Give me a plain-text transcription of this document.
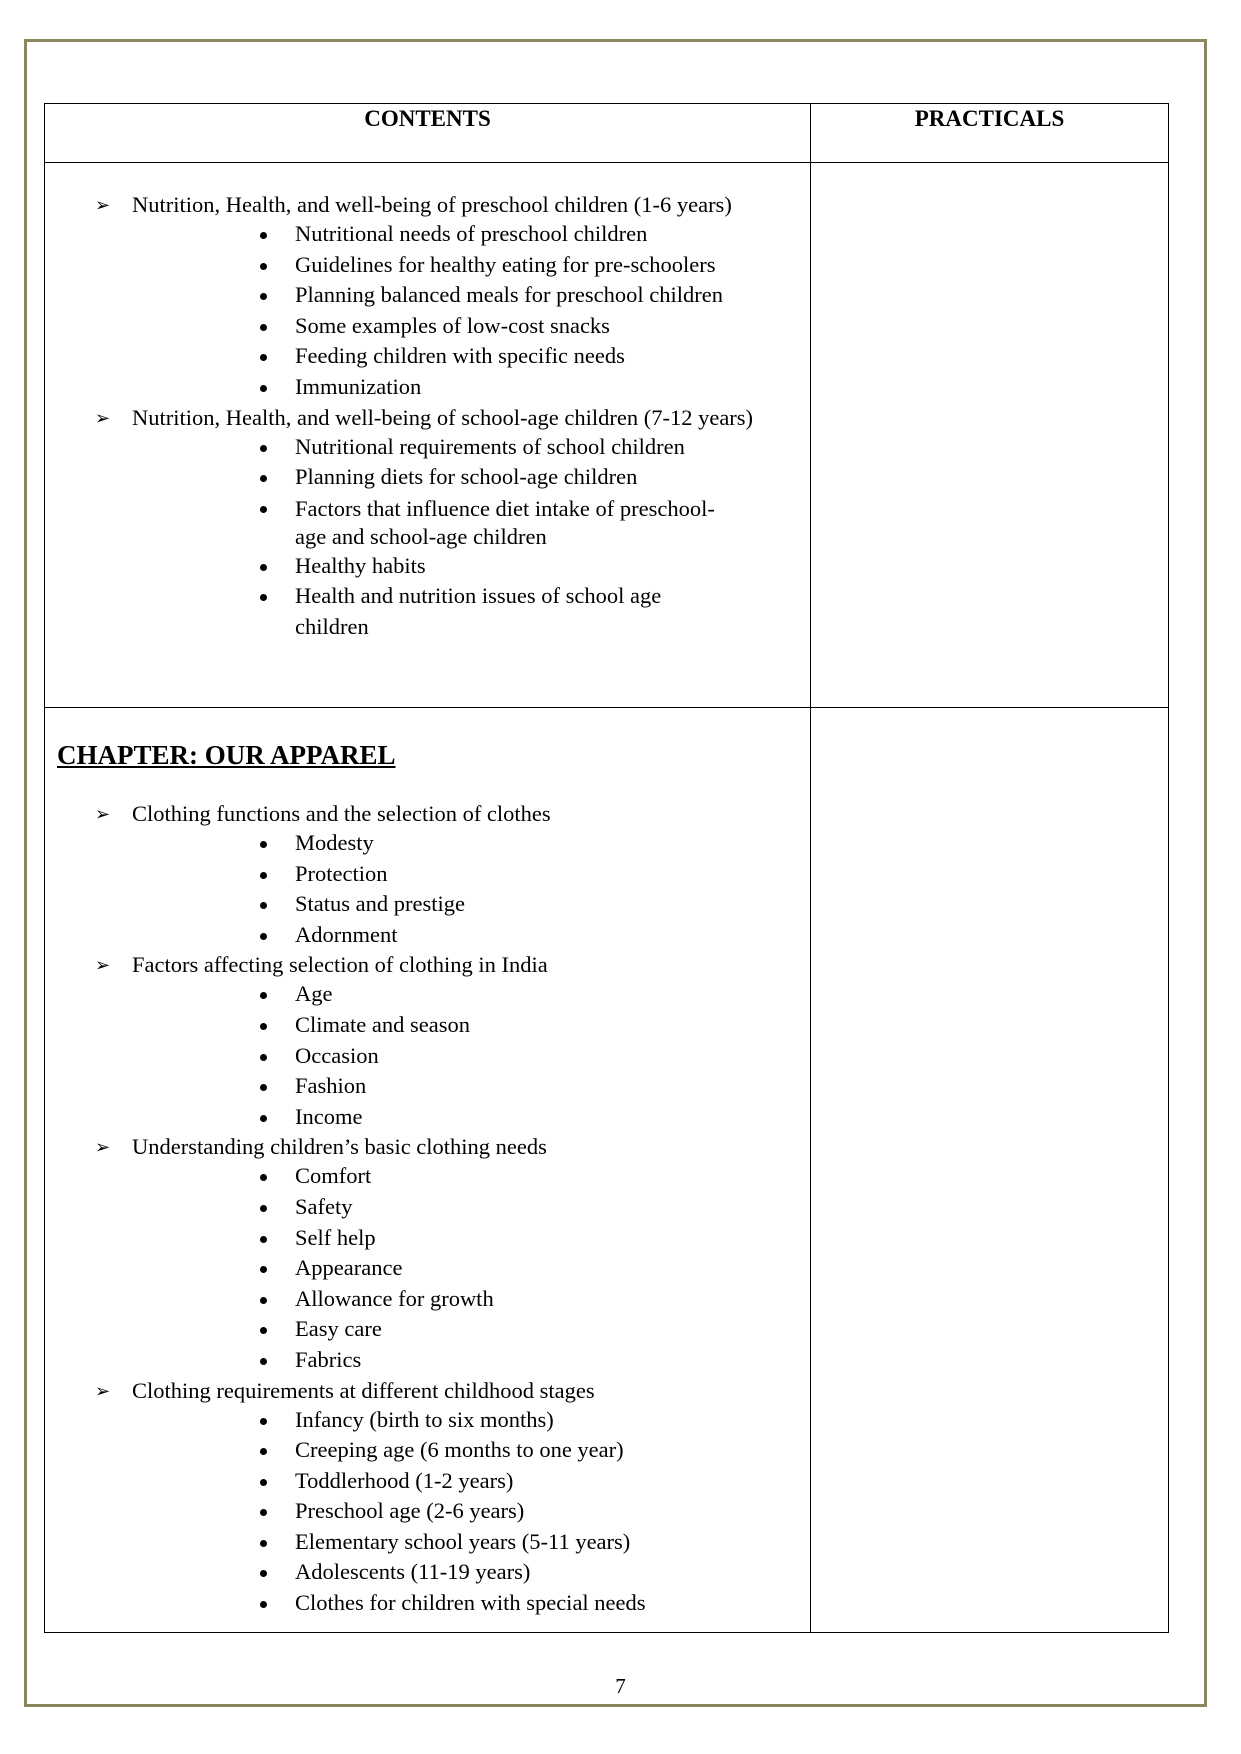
CONTENTS	PRACTICALS
➢ Nutrition, Health, and well-being of preschool children (1-6 years)
Nutritional needs of preschool children
Guidelines for healthy eating for pre-schoolers
Planning balanced meals for preschool children
Some examples of low-cost snacks
Feeding children with specific needs
Immunization
➢ Nutrition, Health, and well-being of school-age children (7-12 years)
Nutritional requirements of school children
Planning diets for school-age children
Factors that influence diet intake of preschool-age and school-age children
Healthy habits
Health and nutrition issues of school age children
CHAPTER: OUR APPAREL
➢ Clothing functions and the selection of clothes
Modesty
Protection
Status and prestige
Adornment
➢ Factors affecting selection of clothing in India
Age
Climate and season
Occasion
Fashion
Income
➢ Understanding children’s basic clothing needs
Comfort
Safety
Self help
Appearance
Allowance for growth
Easy care
Fabrics
➢ Clothing requirements at different childhood stages
Infancy (birth to six months)
Creeping age (6 months to one year)
Toddlerhood (1-2 years)
Preschool age (2-6 years)
Elementary school years (5-11 years)
Adolescents (11-19 years)
Clothes for children with special needs
7
